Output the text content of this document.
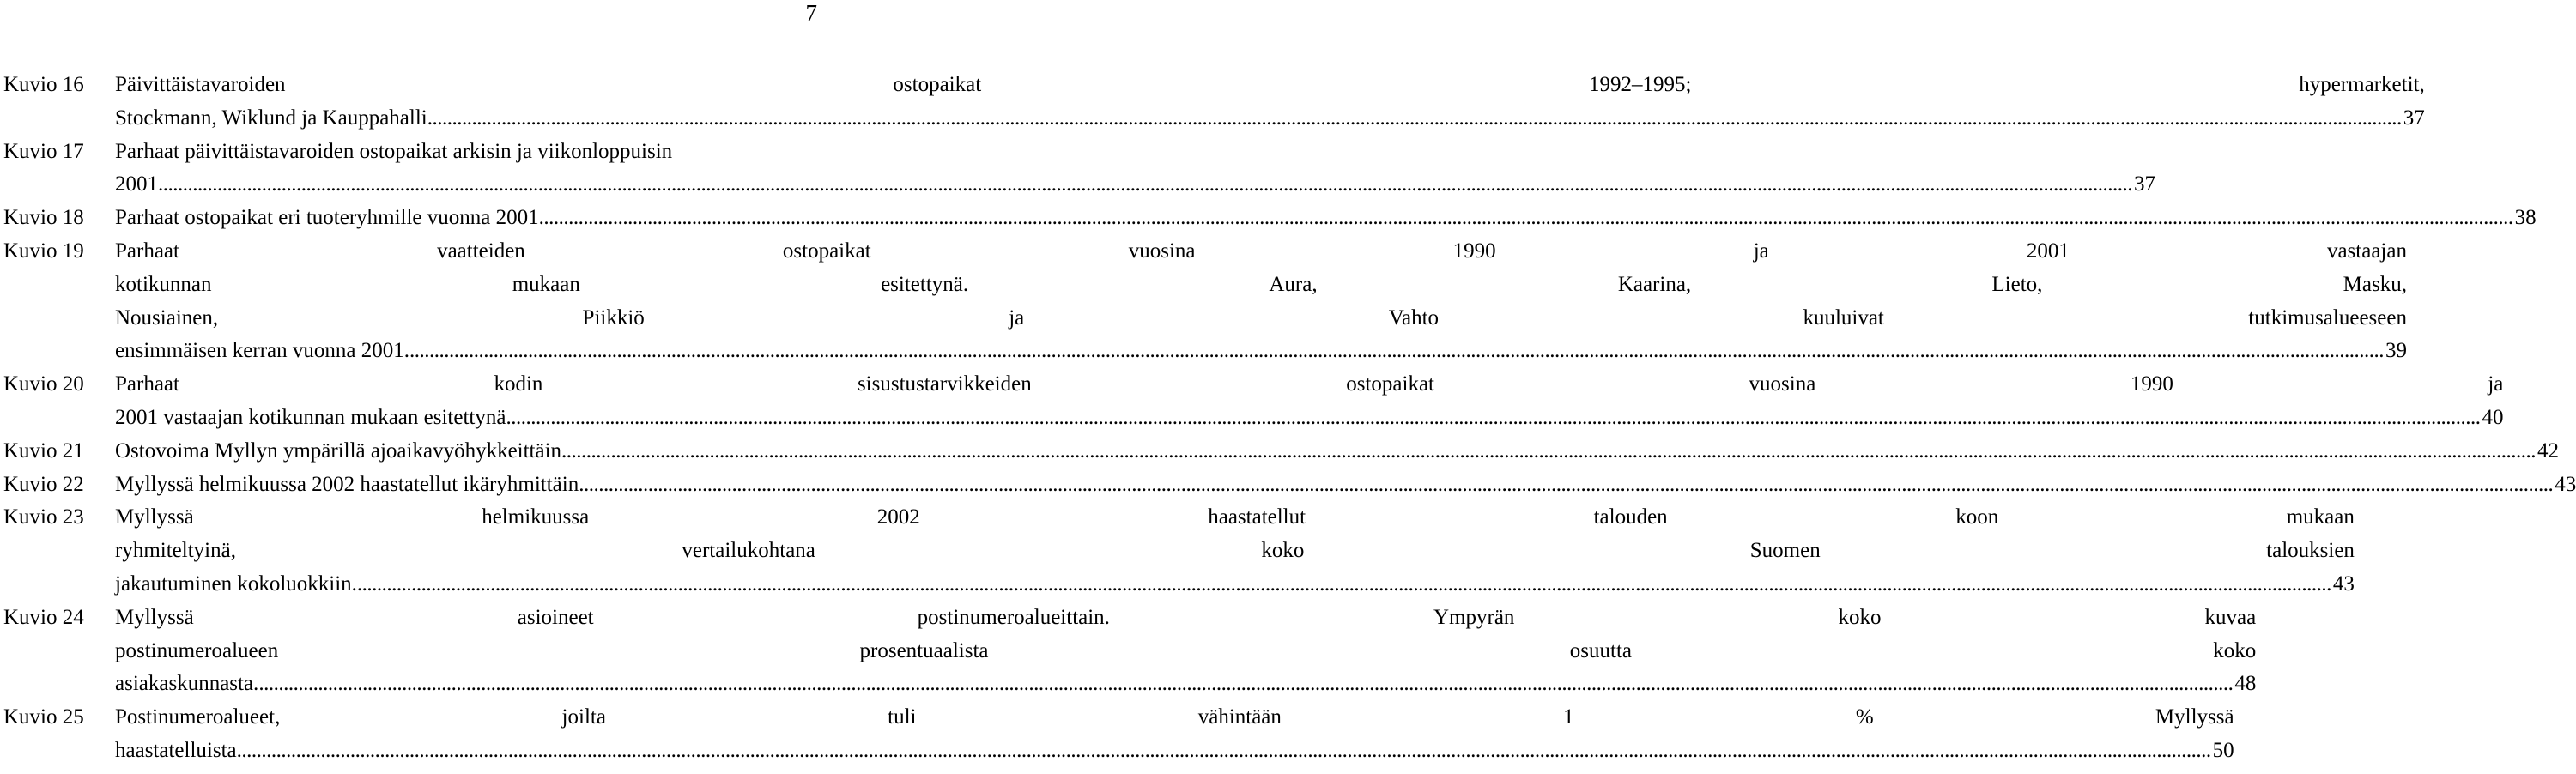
7
Kuvio 16	Päivittäistavaroiden	ostopaikat	1992–1995;	hypermarketit,
Stockmann, Wiklund ja Kauppahalli ................................................................................................................................................................................................................................................................................................................................................................................................................ 37
Kuvio 17	Parhaat päivittäistavaroiden ostopaikat arkisin ja viikonloppuisin
2001 ................................................................................................................................................................................................................................................................................................................................................................................................................ 37
Kuvio 18	Parhaat ostopaikat eri tuoteryhmille vuonna 2001 ................................................................................................................................................................................................................................................................................................................................................................................................................ 38
Kuvio 19	Parhaat	vaatteiden	ostopaikat	vuosina	1990	ja	2001	vastaajan
kotikunnan	mukaan	esitettynä.	Aura,	Kaarina,	Lieto,	Masku,
Nousiainen,	Piikkiö	ja	Vahto	kuuluivat	tutkimusalueeseen
ensimmäisen kerran vuonna 2001. ................................................................................................................................................................................................................................................................................................................................................................................................................ 39
Kuvio 20	Parhaat	kodin	sisustustarvikkeiden	ostopaikat	vuosina	1990	ja
2001 vastaajan kotikunnan mukaan esitettynä ................................................................................................................................................................................................................................................................................................................................................................................................................ 40
Kuvio 21	Ostovoima Myllyn ympärillä ajoaikavyöhykkeittäin ................................................................................................................................................................................................................................................................................................................................................................................................................ 42
Kuvio 22	Myllyssä helmikuussa 2002 haastatellut ikäryhmittäin ................................................................................................................................................................................................................................................................................................................................................................................................................ 43
Kuvio 23	Myllyssä	helmikuussa	2002	haastatellut	talouden	koon	mukaan
ryhmiteltyinä,	vertailukohtana	koko	Suomen	talouksien
jakautuminen kokoluokkiin. ................................................................................................................................................................................................................................................................................................................................................................................................................ 43
Kuvio 24	Myllyssä	asioineet	postinumeroalueittain.	Ympyrän	koko	kuvaa
postinumeroalueen	prosentuaalista	osuutta	koko
asiakaskunnasta. ................................................................................................................................................................................................................................................................................................................................................................................................................ 48
Kuvio 25	Postinumeroalueet,	joilta	tuli	vähintään	1	%	Myllyssä
haastatelluista ................................................................................................................................................................................................................................................................................................................................................................................................................ 50
